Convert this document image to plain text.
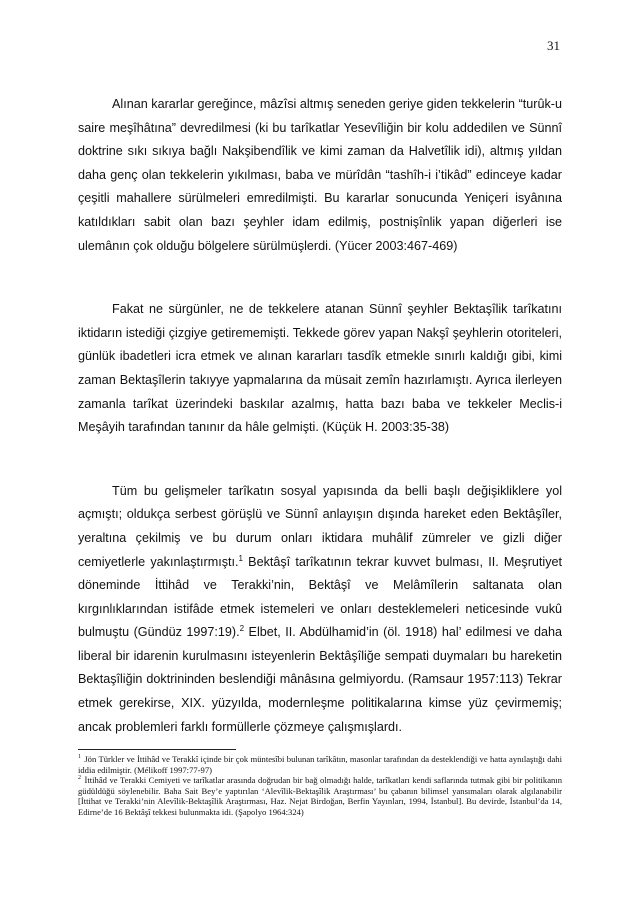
31

Alınan kararlar gereğince, mâzîsi altmış seneden geriye giden tekkelerin “turûk-u saire meşîhâtına” devredilmesi (ki bu tarîkatlar Yesevîliğin bir kolu addedilen ve Sünnî doktrine sıkı sıkıya bağlı Nakşibendîlik ve kimi zaman da Halvetîlik idi), altmış yıldan daha genç olan tekkelerin yıkılması, baba ve mürîdân “tashîh-i i’tikâd” edinceye kadar çeşitli mahallere sürülmeleri emredilmişti. Bu kararlar sonucunda Yeniçeri isyânına katıldıkları sabit olan bazı şeyhler idam edilmiş, postnişînlik yapan diğerleri ise ulemânın çok olduğu bölgelere sürülmüşlerdi. (Yücer 2003:467-469)

Fakat ne sürgünler, ne de tekkelere atanan Sünnî şeyhler Bektaşîlik tarîkatını iktidarın istediği çizgiye getirememişti. Tekkede görev yapan Nakşî şeyhlerin otoriteleri, günlük ibadetleri icra etmek ve alınan kararları tasdîk etmekle sınırlı kaldığı gibi, kimi zaman Bektaşîlerin takıyye yapmalarına da müsait zemîn hazırlamıştı. Ayrıca ilerleyen zamanla tarîkat üzerindeki baskılar azalmış, hatta bazı baba ve tekkeler Meclis-i Meşâyih tarafından tanınır da hâle gelmişti. (Küçük H. 2003:35-38)

Tüm bu gelişmeler tarîkatın sosyal yapısında da belli başlı değişikliklere yol açmıştı; oldukça serbest görüşlü ve Sünnî anlayışın dışında hareket eden Bektâşîler, yeraltına çekilmiş ve bu durum onları iktidara muhâlif zümreler ve gizli diğer cemiyetlerle yakınlaştırmıştı.$^1$ Bektâşî tarîkatının tekrar kuvvet bulması, II. Meşrutiyet döneminde İttihâd ve Terakki’nin, Bektâşî ve Melâmîlerin saltanata olan kırgınlıklarından istifâde etmek istemeleri ve onları desteklemeleri neticesinde vukû bulmuştu (Gündüz 1997:19).$^2$ Elbet, II. Abdülhamid’in (öl. 1918) hal’ edilmesi ve daha liberal bir idarenin kurulmasını isteyenlerin Bektâşîliğe sempati duymaları bu hareketin Bektaşîliğin doktrininden beslendiği mânâsına gelmiyordu. (Ramsaur 1957:113) Tekrar etmek gerekirse, XIX. yüzyılda, modernleşme politikalarına kimse yüz çevirmemiş; ancak problemleri farklı formüllerle çözmeye çalışmışlardı.

$^1$ Jön Türkler ve İttihâd ve Terakkî içinde bir çok müntesîbi bulunan tarîkâtın, masonlar tarafından da desteklendiği ve hatta aynılaştığı dahi iddia edilmiştir. (Mélikoff 1997:77-97)

$^2$ İttihâd ve Terakki Cemiyeti ve tarîkatlar arasında doğrudan bir bağ olmadığı halde, tarîkatları kendi saflarında tutmak gibi bir politikanın güdüldüğü söylenebilir. Baha Sait Bey’e yaptırılan ‘Alevîlik-Bektaşîlik Araştırması’ bu çabanın bilimsel yansımaları olarak algılanabilir [İttihat ve Terakki’nin Alevîlik-Bektaşîlik Araştırması, Haz. Nejat Birdoğan, Berfin Yayınları, 1994, İstanbul]. Bu devirde, İstanbul’da 14, Edirne’de 16 Bektâşî tekkesi bulunmakta idi. (Şapolyo 1964:324)
